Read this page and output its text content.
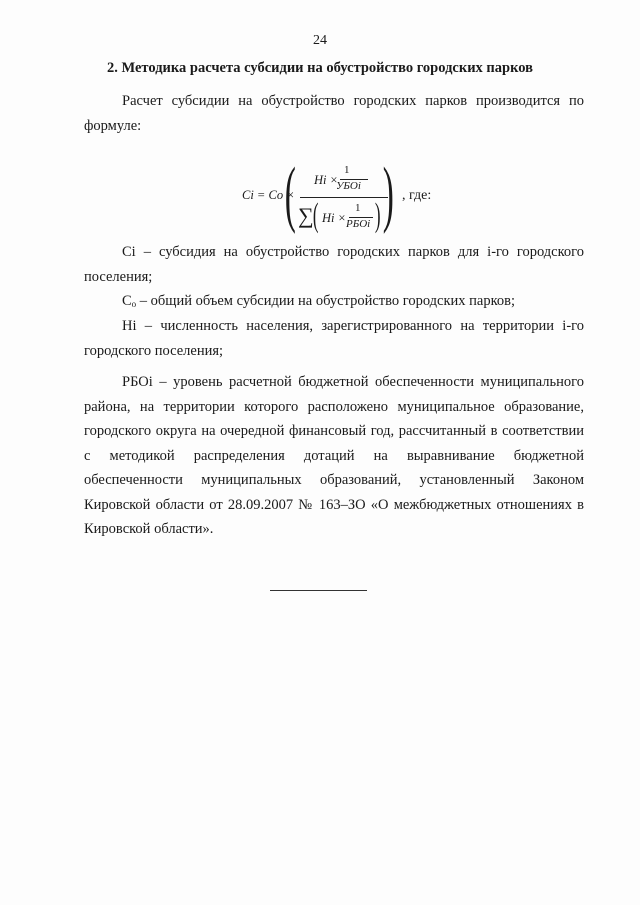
24
2. Методика расчета субсидии на обустройство городских парков
Расчет субсидии на обустройство городских парков производится по формуле:
Ci = Co ×
( Hi ×
1
УБОi
∑ ( Hi ×
1
РБОi ) ) , где:
Ci – субсидия на обустройство городских парков для i-го городского поселения;
Co – общий объем субсидии на обустройство городских парков;
Hi – численность населения, зарегистрированного на территории i-го городского поселения;
РБОi – уровень расчетной бюджетной обеспеченности муниципального района, на территории которого расположено муниципальное образование, городского округа на очередной финансовый год, рассчитанный в соответствии с методикой распределения дотаций на выравнивание бюджетной обеспеченности муниципальных образований, установленный Законом Кировской области от 28.09.2007 № 163–ЗО «О межбюджетных отношениях в Кировской области».
